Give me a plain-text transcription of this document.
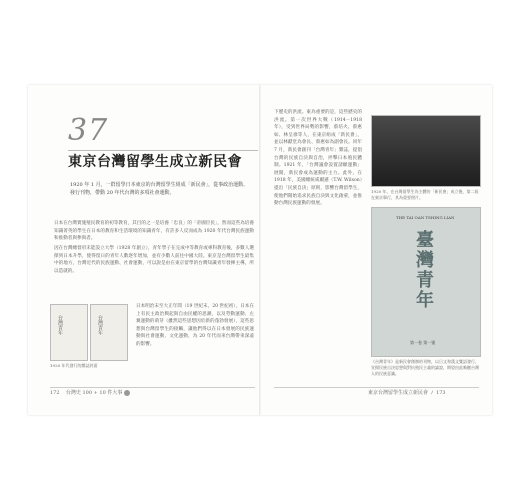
37
東京台灣留學生成立新民會
1920 年 1 月，一群留學日本東京的台灣留學生組成「新民會」，從事政治運動、發行刊物，帶動 20 年代台灣的多項社會運動。
日本在台灣實施殖民教育的初等教育，其目的之一是培養「忠良」的「帝國臣民」，然而這些為培養知識菁英的學生在日本的教育和生活環境的知識青年，有許多人反而成為 1920 年代台灣民族運動和推動者與參與者。
因在台灣總督府未能設立大學（1928 年創立），青年學子在完成中等教育或專科教育後，多數人選擇到日本升學，使得留日的青年人數逐年增加，並有少數人前往中國大陸。東京是台灣留學生最集中的地方，台灣近代的民族運動、社會運動，可以說是由在東京留學的台灣知識青年發揮主導，所以造就的。
台灣青年	台灣青年
1920 年代發行的雜誌封面
日本明治末至大正年間（19 世紀末，20 世紀初），日本在上有民主政治興起與自由民權的思潮，以及勞動運動、左翼運動的萌芽（雖然這些思想因於新的蓬勃發展），這些思想與台灣留學生的接觸，讓他們得以在日本發展的民族運動與社會運動、文化運動，為 20 年代而來台灣帶來深遠的影響。
172 台灣史 100 + 10 件大事
下歷史的洪流。東為重要的是，這些歷史的洪流。第一次世界大戰（1914－1918 年），受到世界局勢的影響，蔡培火、蔡惠如、林呈祿等人，在東京組成「新民會」，並以林獻堂為會長、蔡惠如為副會長。同年 7 月，新民會創刊「台灣青年」雜誌，提倡台灣的民族自決與自治，抨擊日本殖民體制。1921 年，「台灣議會設置請願運動」展開，新民會成為運動的主力。此外，在 1918 年，美國總統威爾遜（T.W. Wilson）提出「民族自決」原則，影響台灣留學生，使他們開始追求民族自決與文化啟蒙，並推動台灣民族運動的發展。
1920 年，在台灣留學生為主體的「新民會」成立後，第二屆在東京舉行，其為重要照片。
THE TAI OAN TSHING LIAN
臺灣青年
第一卷 第一號
《台灣青年》是新民會創辦的刊物，以日文和漢文雙語發行，宣揚民族自決思想與對抗殖民主義的論說，期望由此喚醒台灣人的民族意識。
東京台灣留學生成立新民會  /  173
